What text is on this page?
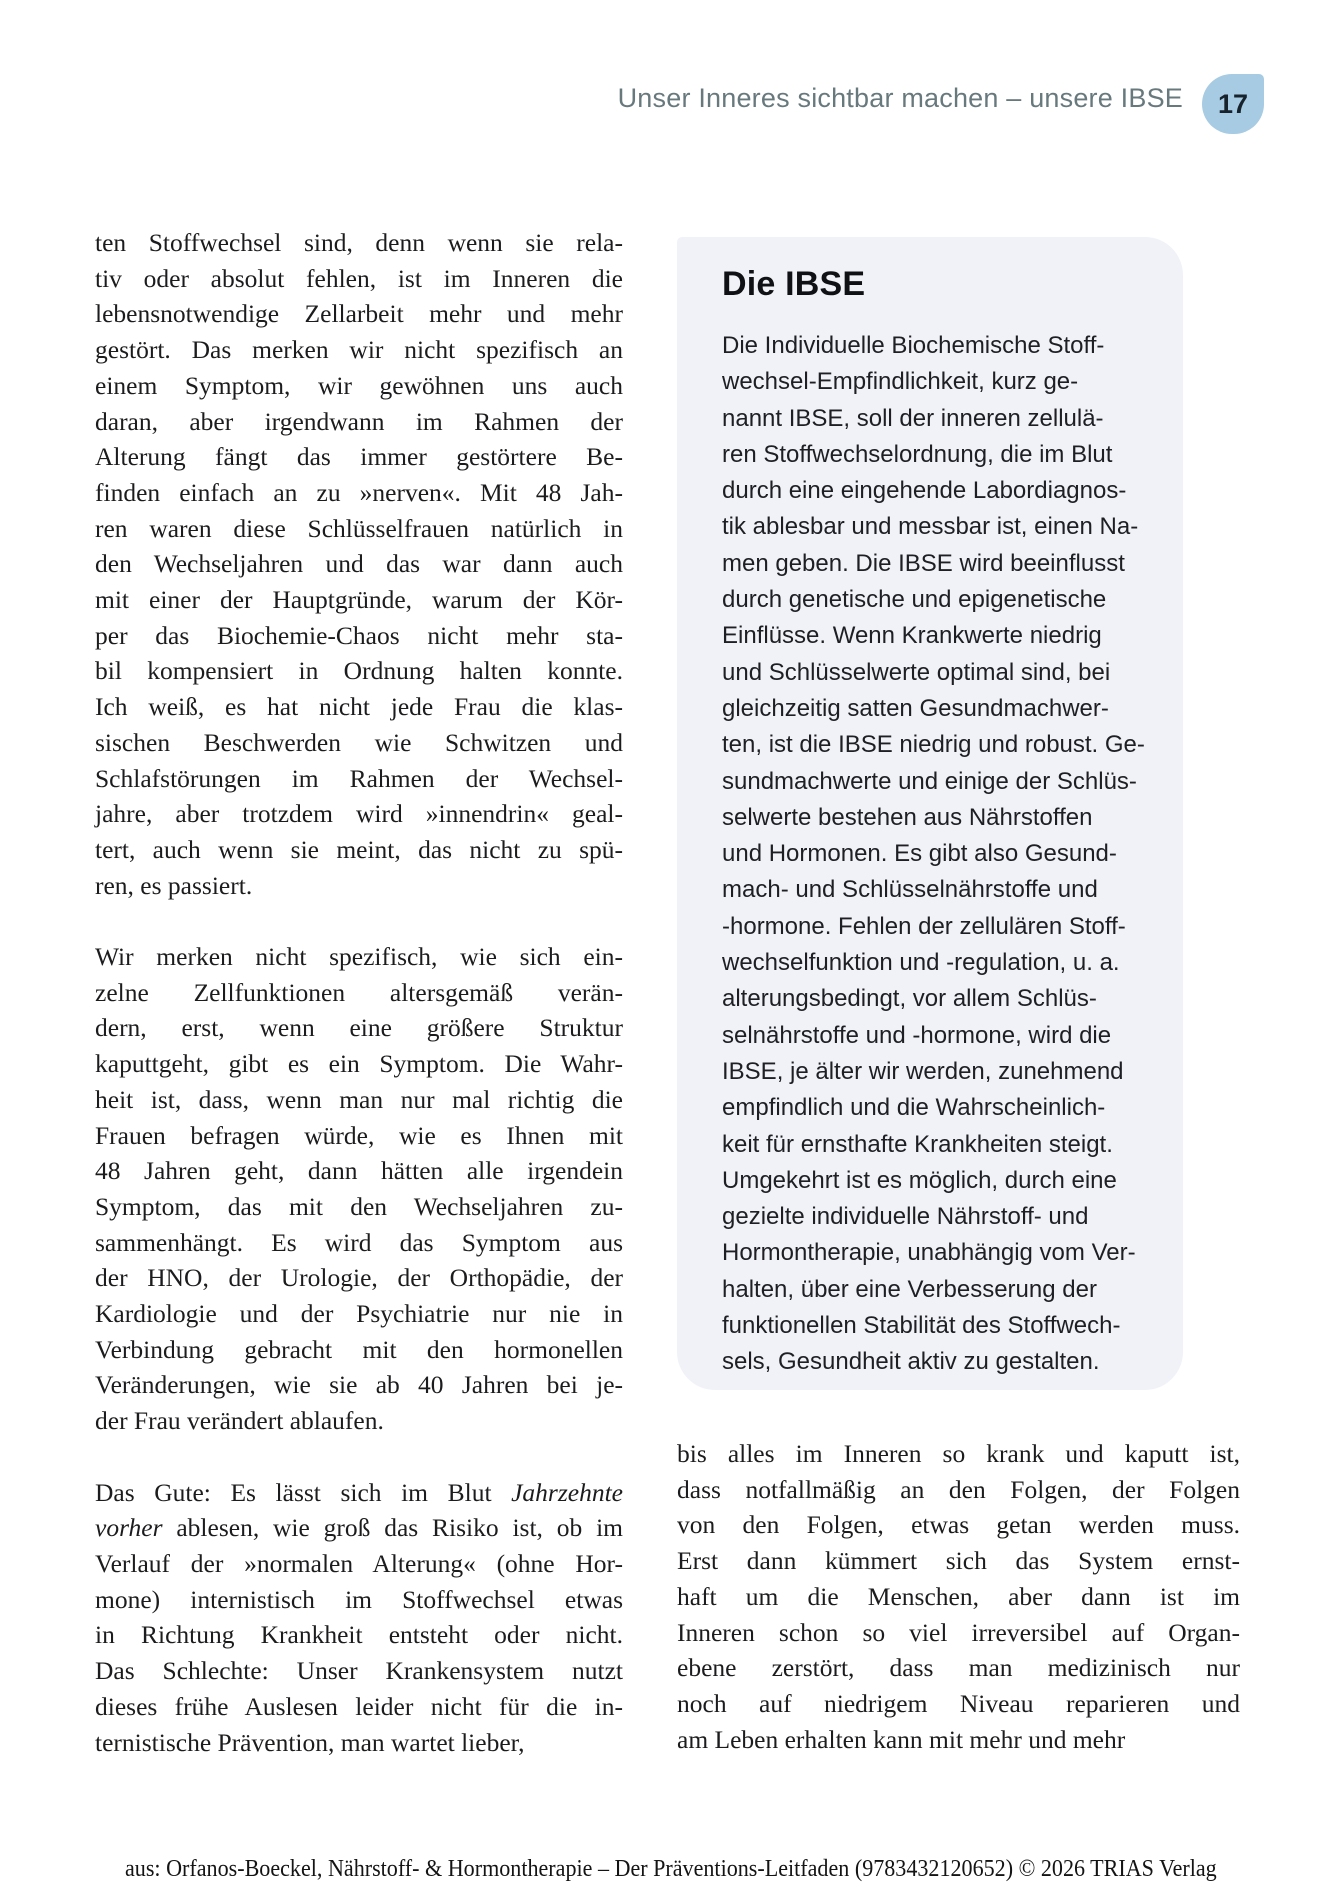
Unser Inneres sichtbar machen – unsere IBSE	17
ten Stoffwechsel sind, denn wenn sie rela-
tiv oder absolut fehlen, ist im Inneren die
lebensnotwendige Zellarbeit mehr und mehr
gestört. Das merken wir nicht spezifisch an
einem Symptom, wir gewöhnen uns auch
daran, aber irgendwann im Rahmen der
Alterung fängt das immer gestörtere Be-
finden einfach an zu »nerven«. Mit 48 Jah-
ren waren diese Schlüsselfrauen natürlich in
den Wechseljahren und das war dann auch
mit einer der Hauptgründe, warum der Kör-
per das Biochemie-Chaos nicht mehr sta-
bil kompensiert in Ordnung halten konnte.
Ich weiß, es hat nicht jede Frau die klas-
sischen Beschwerden wie Schwitzen und
Schlafstörungen im Rahmen der Wechsel-
jahre, aber trotzdem wird »innendrin« geal-
tert, auch wenn sie meint, das nicht zu spü-
ren, es passiert.
Wir merken nicht spezifisch, wie sich ein-
zelne Zellfunktionen altersgemäß verän-
dern, erst, wenn eine größere Struktur
kaputtgeht, gibt es ein Symptom. Die Wahr-
heit ist, dass, wenn man nur mal richtig die
Frauen befragen würde, wie es Ihnen mit
48 Jahren geht, dann hätten alle irgendein
Symptom, das mit den Wechseljahren zu-
sammenhängt. Es wird das Symptom aus
der HNO, der Urologie, der Orthopädie, der
Kardiologie und der Psychiatrie nur nie in
Verbindung gebracht mit den hormonellen
Veränderungen, wie sie ab 40 Jahren bei je-
der Frau verändert ablaufen.
Das Gute: Es lässt sich im Blut Jahrzehnte
vorher ablesen, wie groß das Risiko ist, ob im
Verlauf der »normalen Alterung« (ohne Hor-
mone) internistisch im Stoffwechsel etwas
in Richtung Krankheit entsteht oder nicht.
Das Schlechte: Unser Krankensystem nutzt
dieses frühe Auslesen leider nicht für die in-
ternistische Prävention, man wartet lieber,
Die IBSE
Die Individuelle Biochemische Stoff-
wechsel-Empfindlichkeit, kurz ge-
nannt IBSE, soll der inneren zellulä-
ren Stoffwechselordnung, die im Blut
durch eine eingehende Labordiagnos-
tik ablesbar und messbar ist, einen Na-
men geben. Die IBSE wird beeinflusst
durch genetische und epigenetische
Einflüsse. Wenn Krankwerte niedrig
und Schlüsselwerte optimal sind, bei
gleichzeitig satten Gesundmachwer-
ten, ist die IBSE niedrig und robust. Ge-
sundmachwerte und einige der Schlüs-
selwerte bestehen aus Nährstoffen
und Hormonen. Es gibt also Gesund-
mach- und Schlüsselnährstoffe und
-hormone. Fehlen der zellulären Stoff-
wechselfunktion und -regulation, u. a.
alterungsbedingt, vor allem Schlüs-
selnährstoffe und -hormone, wird die
IBSE, je älter wir werden, zunehmend
empfindlich und die Wahrscheinlich-
keit für ernsthafte Krankheiten steigt.
Umgekehrt ist es möglich, durch eine
gezielte individuelle Nährstoff- und
Hormontherapie, unabhängig vom Ver-
halten, über eine Verbesserung der
funktionellen Stabilität des Stoffwech-
sels, Gesundheit aktiv zu gestalten.
bis alles im Inneren so krank und kaputt ist,
dass notfallmäßig an den Folgen, der Folgen
von den Folgen, etwas getan werden muss.
Erst dann kümmert sich das System ernst-
haft um die Menschen, aber dann ist im
Inneren schon so viel irreversibel auf Organ-
ebene zerstört, dass man medizinisch nur
noch auf niedrigem Niveau reparieren und
am Leben erhalten kann mit mehr und mehr
aus: Orfanos-Boeckel, Nährstoff- & Hormontherapie – Der Präventions-Leitfaden (9783432120652) © 2026 TRIAS Verlag
